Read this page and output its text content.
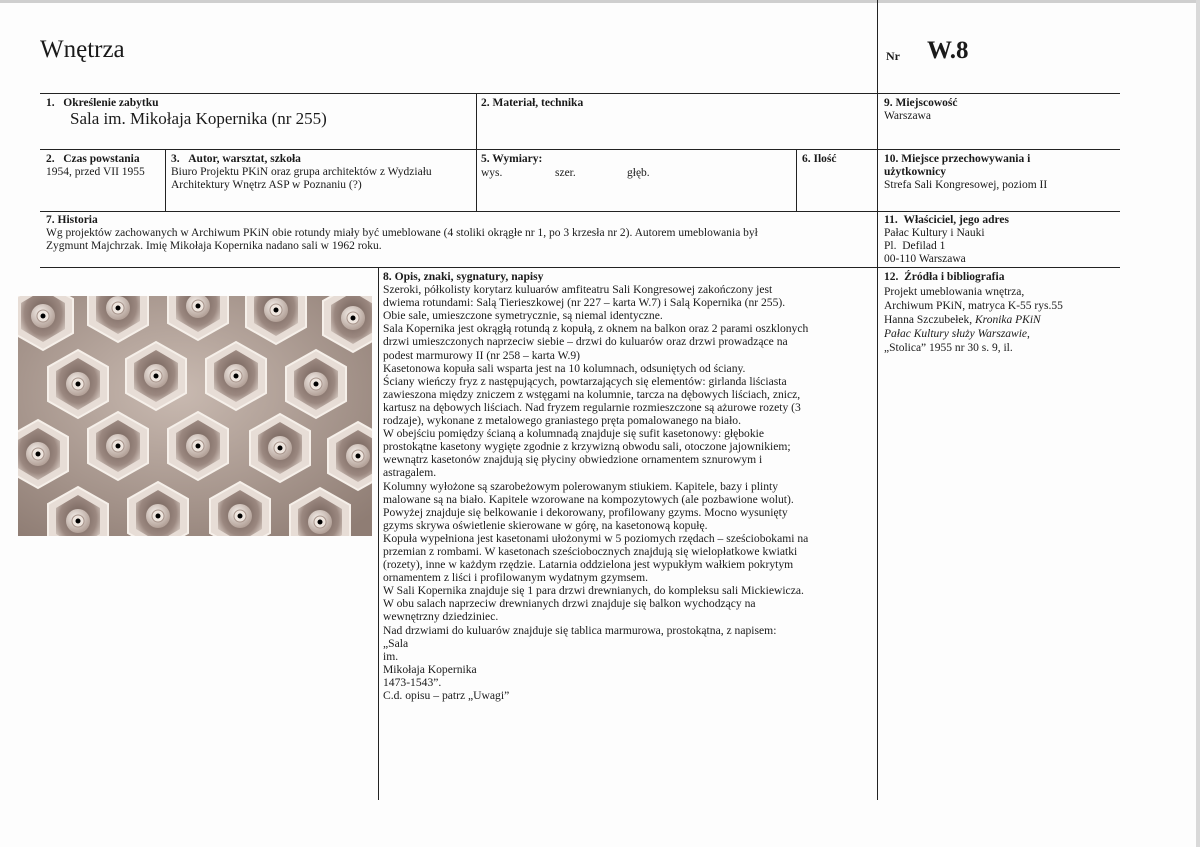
Wnętrza	Nr W.8
1.   Określenie zabytku
Sala im. Mikołaja Kopernika (nr 255)
2. Materiał, technika	9. Miejscowość
Warszawa
2.   Czas powstania
1954, przed VII 1955
3.   Autor, warsztat, szkoła
Biuro Projektu PKiN oraz grupa architektów z Wydziału
Architektury Wnętrz ASP w Poznaniu (?)
5. Wymiary:
wys.	szer.	głęb.
6. Ilość	10. Miejsce przechowywania i
użytkownicy
Strefa Sali Kongresowej, poziom II
7. Historia
Wg projektów zachowanych w Archiwum PKiN obie rotundy miały być umeblowane (4 stoliki okrągłe nr 1, po 3 krzesła nr 2). Autorem umeblowania był
Zygmunt Majchrzak. Imię Mikołaja Kopernika nadano sali w 1962 roku.
11.  Właściciel, jego adres
Pałac Kultury i Nauki
Pl.  Defilad 1
00-110 Warszawa

8. Opis, znaki, sygnatury, napisy

Szeroki, półkolisty korytarz kuluarów amfiteatru Sali Kongresowej zakończony jest

dwiema rotundami: Salą Tierieszkowej (nr 227 – karta W.7) i Salą Kopernika (nr 255).

Obie sale, umieszczone symetrycznie, są niemal identyczne.

Sala Kopernika jest okrągłą rotundą z kopułą, z oknem na balkon oraz 2 parami oszklonych

drzwi umieszczonych naprzeciw siebie – drzwi do kuluarów oraz drzwi prowadzące na

podest marmurowy II (nr 258 – karta W.9)

Kasetonowa kopuła sali wsparta jest na 10 kolumnach, odsuniętych od ściany.

Ściany wieńczy fryz z następujących, powtarzających się elementów: girlanda liściasta

zawieszona między zniczem z wstęgami na kolumnie, tarcza na dębowych liściach, znicz,

kartusz na dębowych liściach. Nad fryzem regularnie rozmieszczone są ażurowe rozety (3

rodzaje), wykonane z metalowego graniastego pręta pomalowanego na biało.

W obejściu pomiędzy ścianą a kolumnadą znajduje się sufit kasetonowy: głębokie

prostokątne kasetony wygięte zgodnie z krzywizną obwodu sali, otoczone jajownikiem;

wewnątrz kasetonów znajdują się płyciny obwiedzione ornamentem sznurowym i

astragalem.

Kolumny wyłożone są szarobeżowym polerowanym stiukiem. Kapitele, bazy i plinty

malowane są na biało. Kapitele wzorowane na kompozytowych (ale pozbawione wolut).

Powyżej znajduje się belkowanie i dekorowany, profilowany gzyms. Mocno wysunięty

gzyms skrywa oświetlenie skierowane w górę, na kasetonową kopułę.

Kopuła wypełniona jest kasetonami ułożonymi w 5 poziomych rzędach – sześciobokami na

przemian z rombami. W kasetonach sześciobocznych znajdują się wielopłatkowe kwiatki

(rozety), inne w każdym rzędzie. Latarnia oddzielona jest wypukłym wałkiem pokrytym

ornamentem z liści i profilowanym wydatnym gzymsem.

W Sali Kopernika znajduje się 1 para drzwi drewnianych, do kompleksu sali Mickiewicza.

W obu salach naprzeciw drewnianych drzwi znajduje się balkon wychodzący na

wewnętrzny dziedziniec.

Nad drzwiami do kuluarów znajduje się tablica marmurowa, prostokątna, z napisem:

„Sala

im.

Mikołaja Kopernika

1473-1543”.

C.d. opisu – patrz „Uwagi”

12.  Źródła i bibliografia
Projekt umeblowania wnętrza,
Archiwum PKiN, matryca K-55 rys.55
Hanna Szczubełek, Kronika PKiN
Pałac Kultury służy Warszawie,
„Stolica” 1955 nr 30 s. 9, il.
